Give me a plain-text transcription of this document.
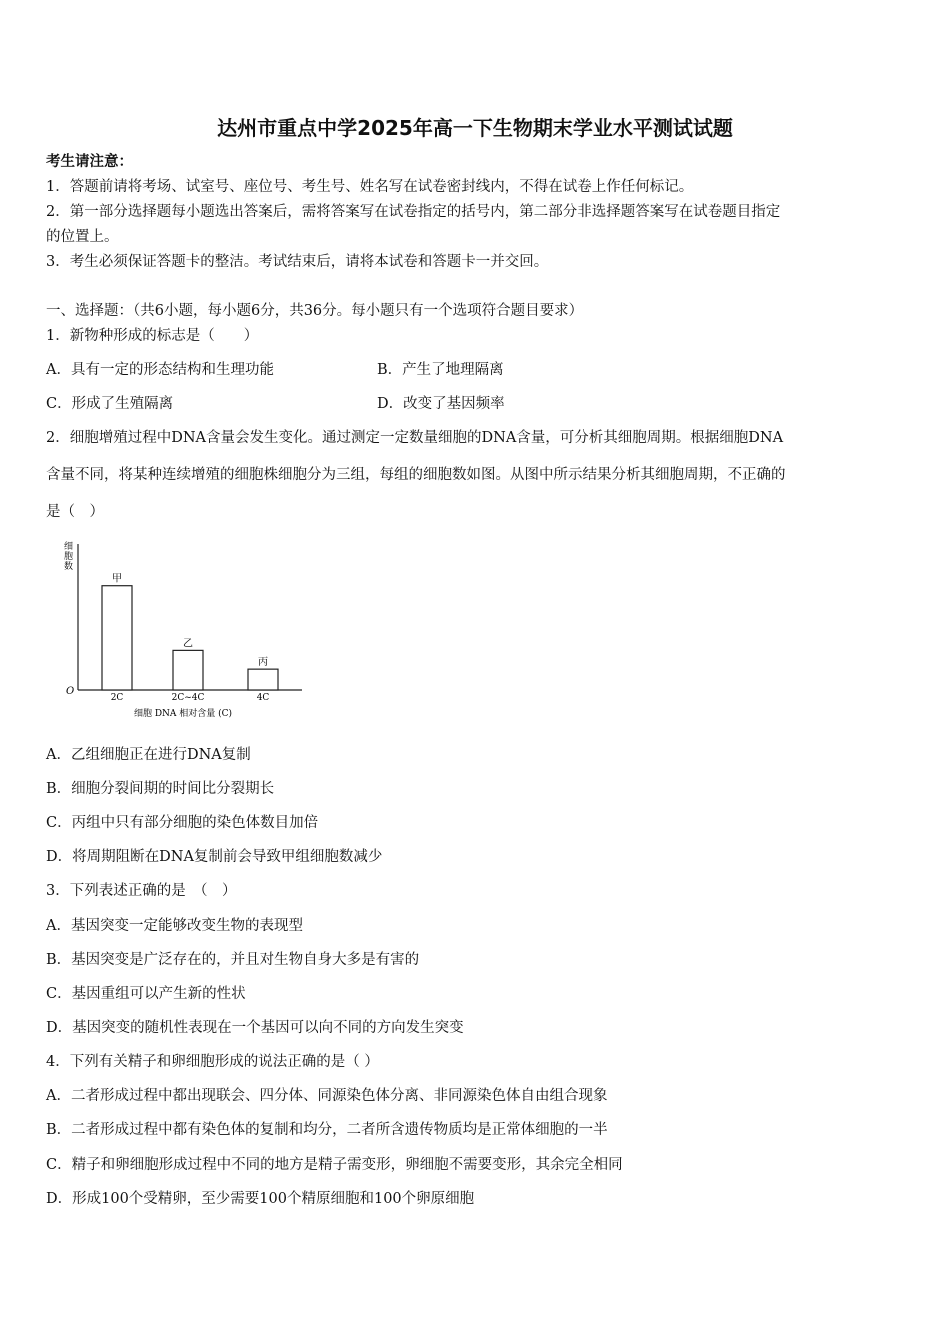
达州市重点中学2025年高一下生物期末学业水平测试试题
考生请注意：
1．答题前请将考场、试室号、座位号、考生号、姓名写在试卷密封线内，不得在试卷上作任何标记。
2．第一部分选择题每小题选出答案后，需将答案写在试卷指定的括号内，第二部分非选择题答案写在试卷题目指定
的位置上。
3．考生必须保证答题卡的整洁。考试结束后，请将本试卷和答题卡一并交回。
一、选择题：（共6小题，每小题6分，共36分。每小题只有一个选项符合题目要求）
1．新物种形成的标志是（　　）
A．具有一定的形态结构和生理功能	B．产生了地理隔离
C．形成了生殖隔离	D．改变了基因频率
2．细胞增殖过程中DNA含量会发生变化。通过测定一定数量细胞的DNA含量，可分析其细胞周期。根据细胞DNA
含量不同，将某种连续增殖的细胞株细胞分为三组，每组的细胞数如图。从图中所示结果分析其细胞周期，不正确的
是（　）
细
胞
数
O
甲
乙
丙
2C	2C~4C	4C
细胞 DNA 相对含量 (C)
A．乙组细胞正在进行DNA复制
B．细胞分裂间期的时间比分裂期长
C．丙组中只有部分细胞的染色体数目加倍
D．将周期阻断在DNA复制前会导致甲组细胞数减少
3．下列表述正确的是　（　）
A．基因突变一定能够改变生物的表现型
B．基因突变是广泛存在的，并且对生物自身大多是有害的
C．基因重组可以产生新的性状
D．基因突变的随机性表现在一个基因可以向不同的方向发生突变
4．下列有关精子和卵细胞形成的说法正确的是（ ）
A．二者形成过程中都出现联会、四分体、同源染色体分离、非同源染色体自由组合现象
B．二者形成过程中都有染色体的复制和均分，二者所含遗传物质均是正常体细胞的一半
C．精子和卵细胞形成过程中不同的地方是精子需变形，卵细胞不需要变形，其余完全相同
D．形成100个受精卵，至少需要100个精原细胞和100个卵原细胞
